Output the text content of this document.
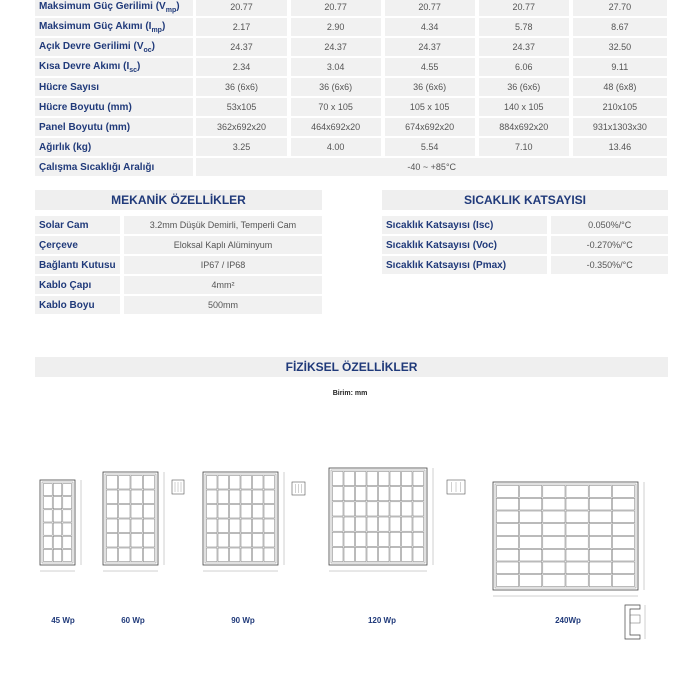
Maksimum Güç Gerilimi $(V_{mp})$		20.77		20.77		20.77		20.77		27.70
Maksimum Güç Akımı $(I_{mp})$		2.17		2.90		4.34		5.78		8.67
Açık Devre Gerilimi $(V_{oc})$		24.37		24.37		24.37		24.37		32.50
Kısa Devre Akımı $(I_{sc})$		2.34		3.04		4.55		6.06		9.11
Hücre Sayısı		36 (6x6)		36 (6x6)		36 (6x6)		36 (6x6)		48 (6x8)
Hücre Boyutu (mm)		53x105		70 x 105		105 x 105		140 x 105		210x105
Panel Boyutu (mm)		362x692x20		464x692x20		674x692x20		884x692x20		931x1303x30
Ağırlık (kg)		3.25		4.00		5.54		7.10		13.46
Çalışma Sıcaklığı Aralığı		-40 ~ +85°C								
MEKANİK ÖZELLİKLER
Solar Cam		3.2mm Düşük Demirli, Temperli Cam
Çerçeve		Eloksal Kaplı Alüminyum
Bağlantı Kutusu		IP67 / IP68
Kablo Çapı		4mm²
Kablo Boyu		500mm
SICAKLIK KATSAYISI
Sıcaklık Katsayısı (Isc)		0.050%/°C
Sıcaklık Katsayısı (Voc)		-0.270%/°C
Sıcaklık Katsayısı (Pmax)		-0.350%/°C
FİZİKSEL ÖZELLİKLER
Birim: mm
45 Wp	60 Wp	90 Wp	120 Wp	240Wp
